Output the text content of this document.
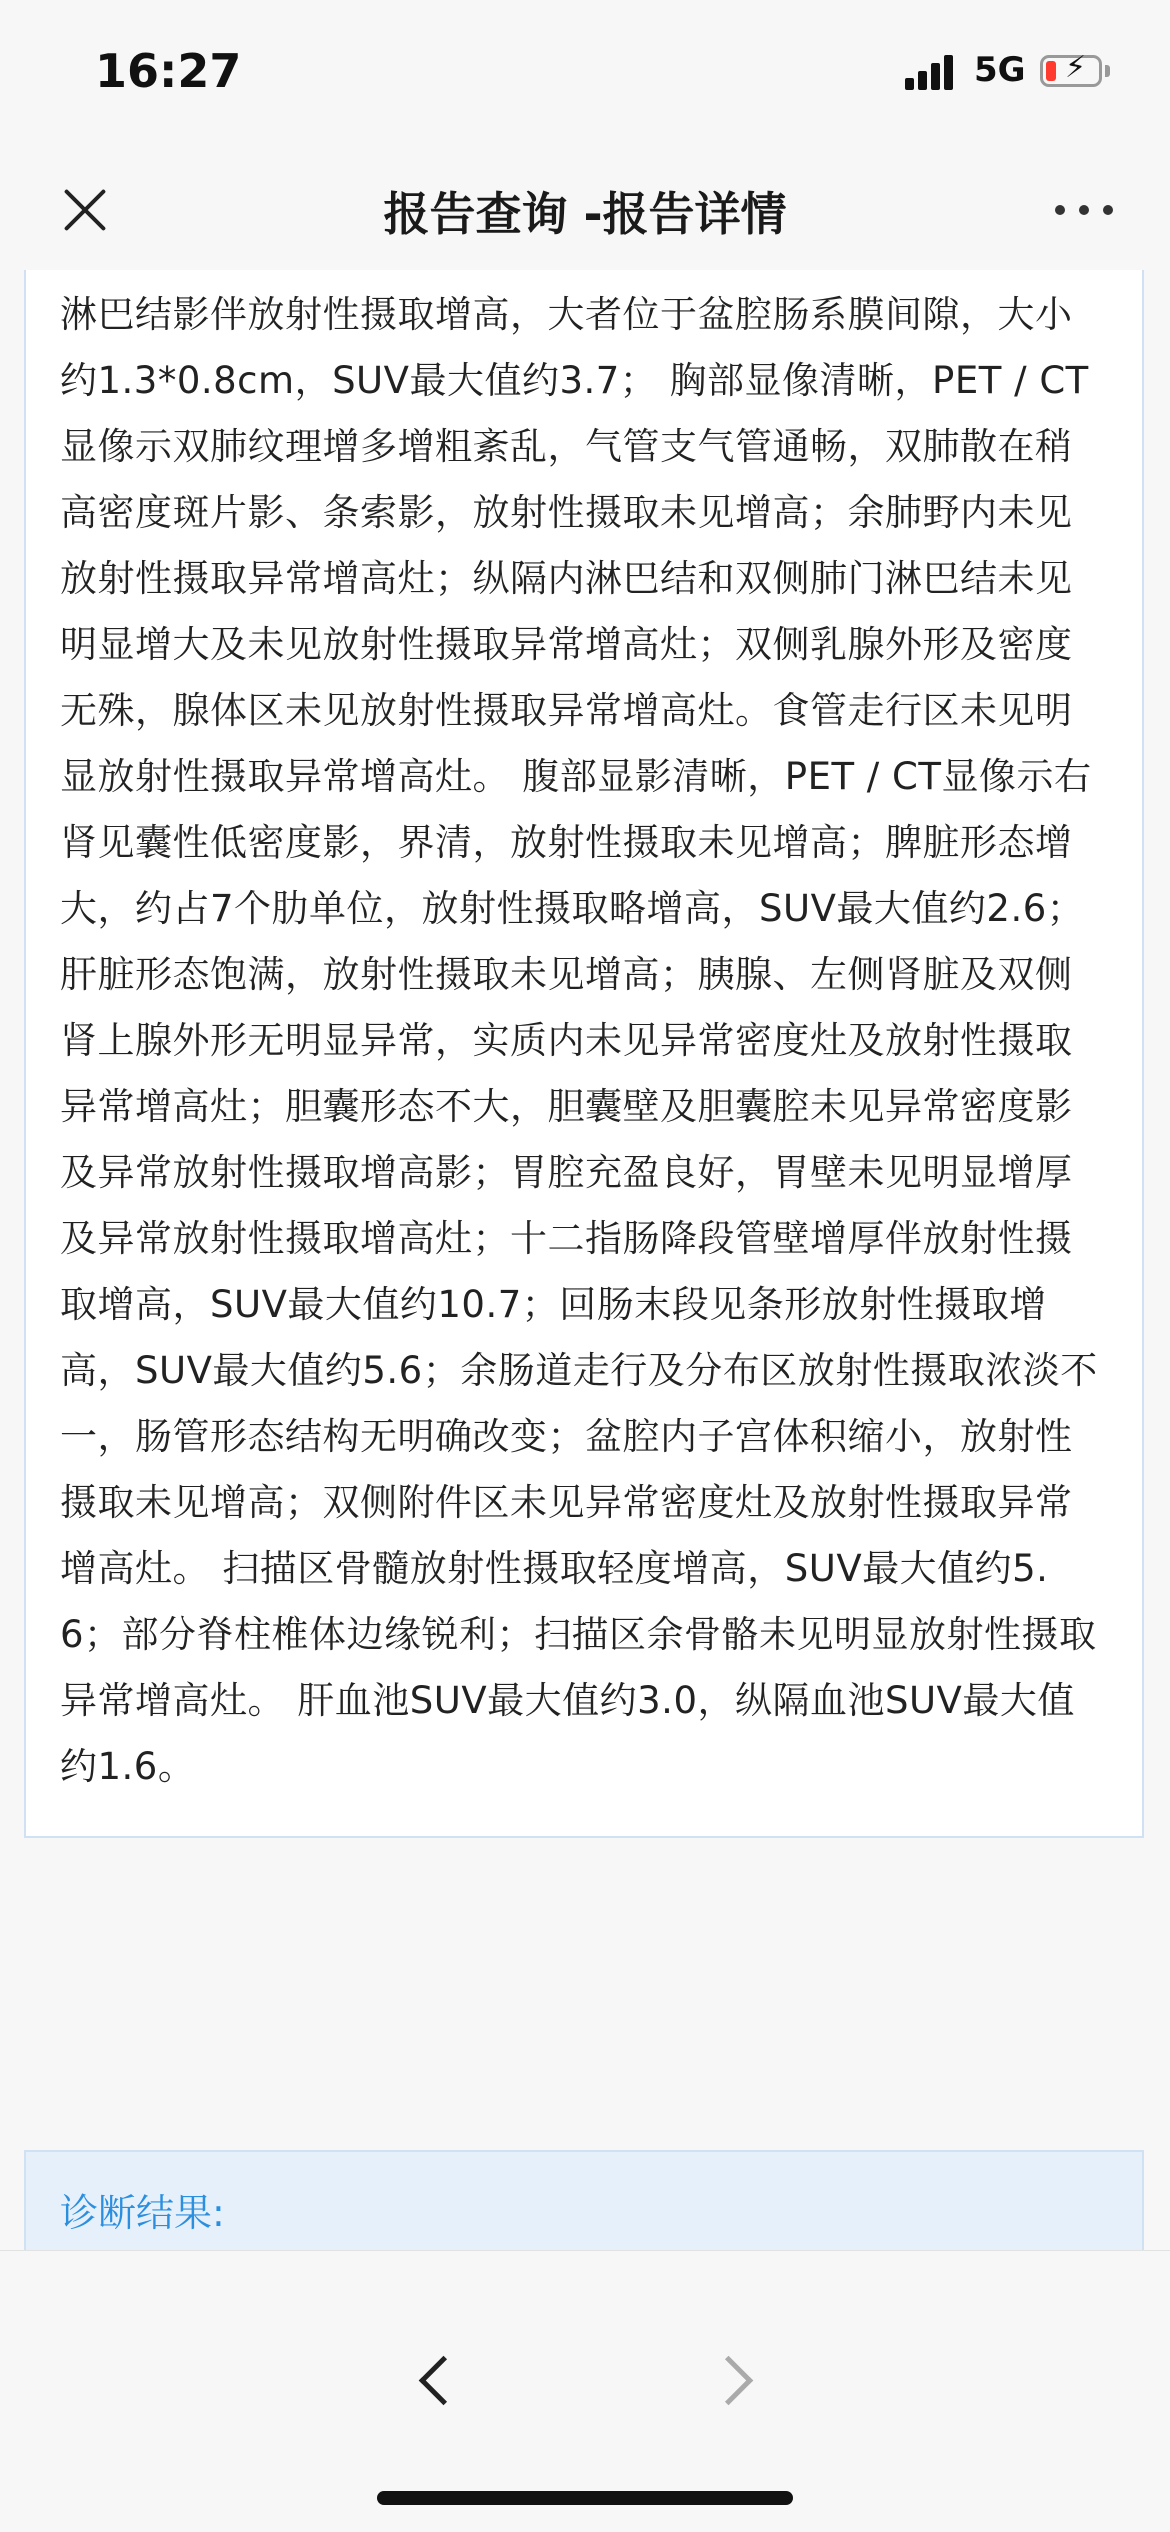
16:27	5G ⚡
报告查询 -报告详情
淋巴结影伴放射性摄取增高，大者位于盆腔肠系膜间隙，大小约1.3*0.8cm，SUV最大值约3.7； 胸部显像清晰，PET / CT显像示双肺纹理增多增粗紊乱，气管支气管通畅，双肺散在稍高密度斑片影、条索影，放射性摄取未见增高；余肺野内未见放射性摄取异常增高灶；纵隔内淋巴结和双侧肺门淋巴结未见明显增大及未见放射性摄取异常增高灶；双侧乳腺外形及密度无殊，腺体区未见放射性摄取异常增高灶。食管走行区未见明显放射性摄取异常增高灶。 腹部显影清晰，PET / CT显像示右肾见囊性低密度影，界清，放射性摄取未见增高；脾脏形态增大，约占7个肋单位，放射性摄取略增高，SUV最大值约2.6；肝脏形态饱满，放射性摄取未见增高；胰腺、左侧肾脏及双侧肾上腺外形无明显异常，实质内未见异常密度灶及放射性摄取异常增高灶；胆囊形态不大，胆囊壁及胆囊腔未见异常密度影及异常放射性摄取增高影；胃腔充盈良好，胃壁未见明显增厚及异常放射性摄取增高灶；十二指肠降段管壁增厚伴放射性摄取增高，SUV最大值约10.7；回肠末段见条形放射性摄取增高，SUV最大值约5.6；余肠道走行及分布区放射性摄取浓淡不一，肠管形态结构无明确改变；盆腔内子宫体积缩小，放射性摄取未见增高；双侧附件区未见异常密度灶及放射性摄取异常增高灶。 扫描区骨髓放射性摄取轻度增高，SUV最大值约5.6；部分脊柱椎体边缘锐利；扫描区余骨骼未见明显放射性摄取异常增高灶。 肝血池SUV最大值约3.0，纵隔血池SUV最大值约1.6。
诊断结果:
